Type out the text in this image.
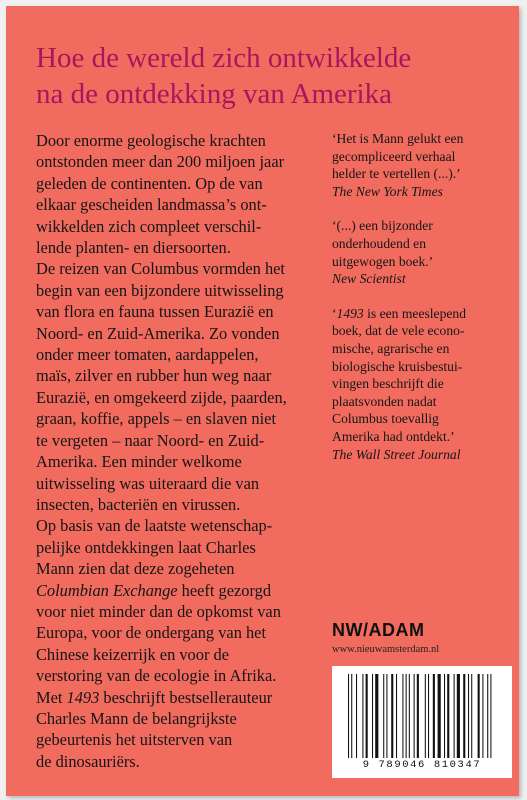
Hoe de wereld zich ontwikkelde
na de ontdekking van Amerika
Door enorme geologische krachten
ontstonden meer dan 200 miljoen jaar
geleden de continenten. Op de van
elkaar gescheiden landmassa’s ont-
wikkelden zich compleet verschil-
lende planten- en diersoorten.
De reizen van Columbus vormden het
begin van een bijzondere uitwisseling
van flora en fauna tussen Eurazië en
Noord- en Zuid-Amerika. Zo vonden
onder meer tomaten, aardappelen,
maïs, zilver en rubber hun weg naar
Eurazië, en omgekeerd zijde, paarden,
graan, koffie, appels – en slaven niet
te vergeten – naar Noord- en Zuid-
Amerika. Een minder welkome
uitwisseling was uiteraard die van
insecten, bacteriën en virussen.
Op basis van de laatste wetenschap-
pelijke ontdekkingen laat Charles
Mann zien dat deze zogeheten
Columbian Exchange heeft gezorgd
voor niet minder dan de opkomst van
Europa, voor de ondergang van het
Chinese keizerrijk en voor de
verstoring van de ecologie in Afrika.
Met 1493 beschrijft bestsellerauteur
Charles Mann de belangrijkste
gebeurtenis het uitsterven van
de dinosauriërs.
‘Het is Mann gelukt een
gecompliceerd verhaal
helder te vertellen (...).’
The New York Times
‘(...) een bijzonder
onderhoudend en
uitgewogen boek.’
New Scientist
‘1493 is een meeslepend
boek, dat de vele econo-
mische, agrarische en
biologische kruisbestui-
vingen beschrijft die
plaatsvonden nadat
Columbus toevallig
Amerika had ontdekt.’
The Wall Street Journal
NW/ADAM
www.nieuwamsterdam.nl
9 789046 810347
